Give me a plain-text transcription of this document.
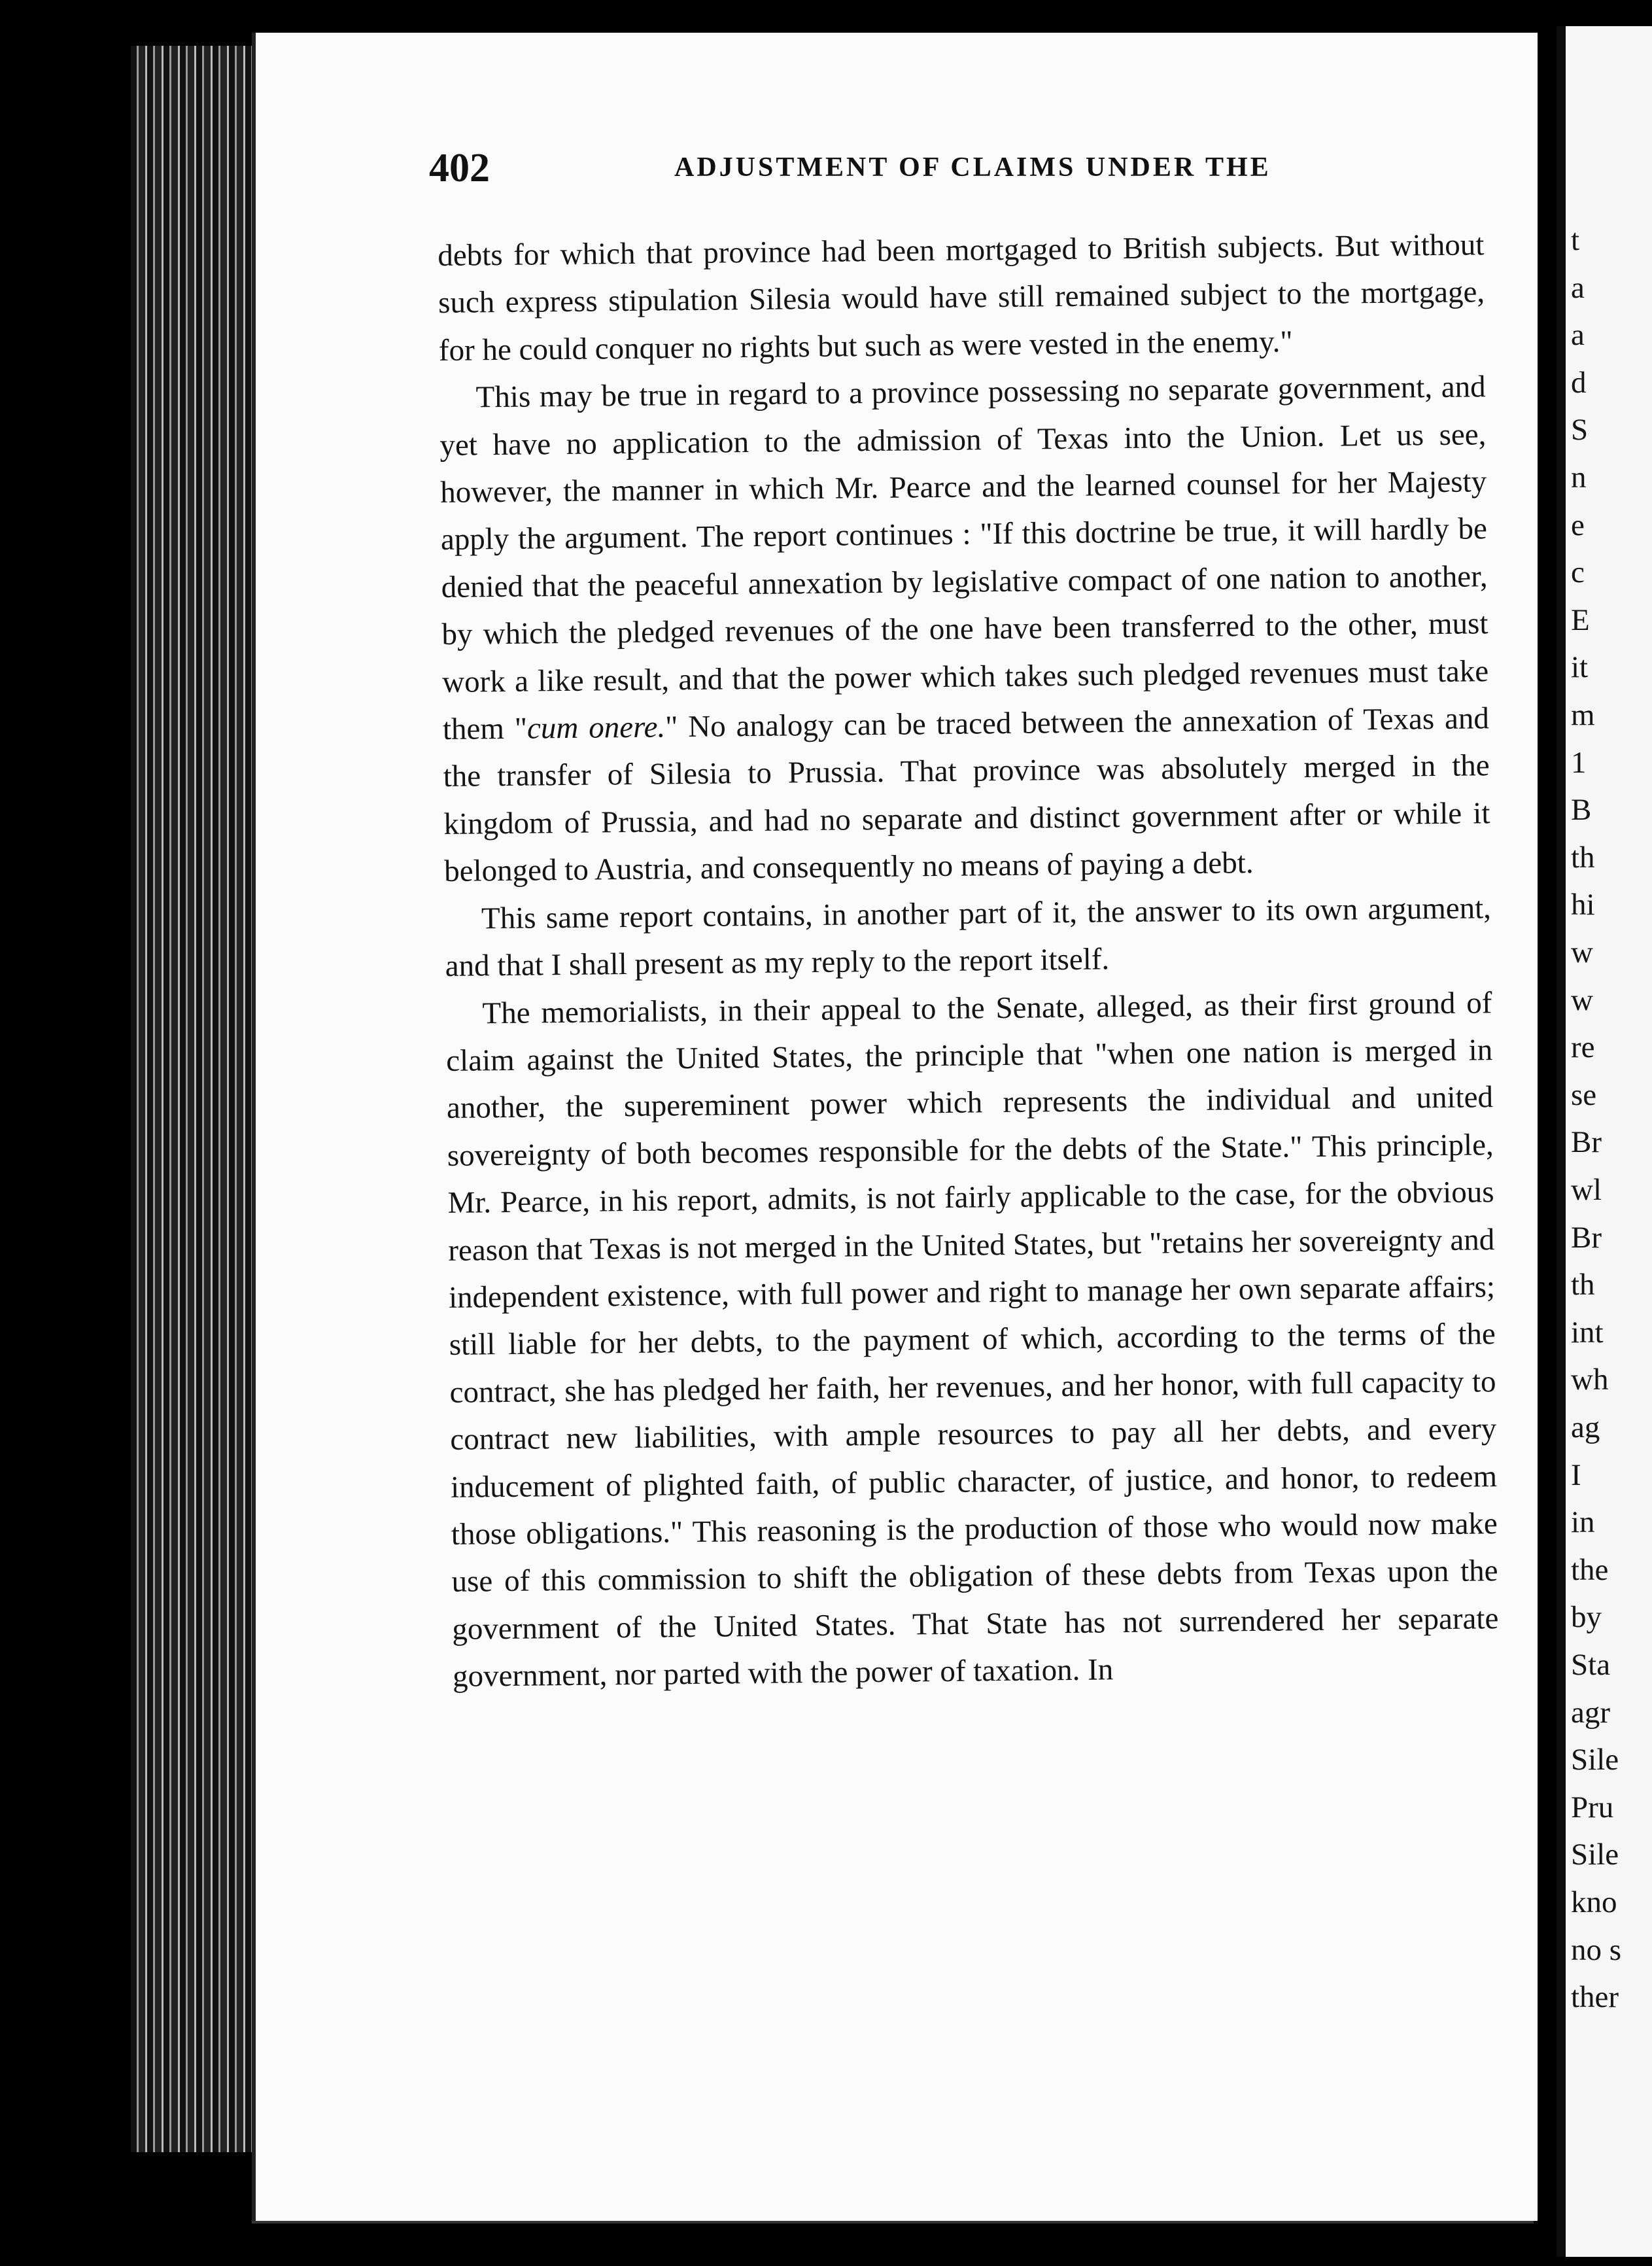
402	ADJUSTMENT OF CLAIMS UNDER THE

debts for which that province had been mortgaged to British subjects. But without such express stipulation Silesia would have still remained subject to the mortgage, for he could conquer no rights but such as were vested in the enemy."

This may be true in regard to a province possessing no separate government, and yet have no application to the admission of Texas into the Union. Let us see, however, the manner in which Mr. Pearce and the learned counsel for her Majesty apply the argument. The report continues : "If this doctrine be true, it will hardly be denied that the peaceful annexation by legislative compact of one nation to another, by which the pledged revenues of the one have been transferred to the other, must work a like result, and that the power which takes such pledged revenues must take them "cum onere." No analogy can be traced between the annexation of Texas and the transfer of Silesia to Prussia. That province was absolutely merged in the kingdom of Prussia, and had no separate and distinct government after or while it belonged to Austria, and consequently no means of paying a debt.

This same report contains, in another part of it, the answer to its own argument, and that I shall present as my reply to the report itself.

The memorialists, in their appeal to the Senate, alleged, as their first ground of claim against the United States, the principle that "when one nation is merged in another, the supereminent power which represents the individual and united sovereignty of both becomes responsible for the debts of the State." This principle, Mr. Pearce, in his report, admits, is not fairly applicable to the case, for the obvious reason that Texas is not merged in the United States, but "retains her sovereignty and independent existence, with full power and right to manage her own separate affairs; still liable for her debts, to the payment of which, according to the terms of the contract, she has pledged her faith, her revenues, and her honor, with full capacity to contract new liabilities, with ample resources to pay all her debts, and every inducement of plighted faith, of public character, of justice, and honor, to redeem those obligations." This reasoning is the production of those who would now make use of this commission to shift the obligation of these debts from Texas upon the government of the United States. That State has not surrendered her separate government, nor parted with the power of taxation. In

t
a
a
d
S
n
e
c
E
it
m
1
B
th
hi
w
w
re
se
Br
wl
Br
th
int
wh
ag
I
in
the
by
Sta
agr
Sile
Pru
Sile
kno
no s
ther
